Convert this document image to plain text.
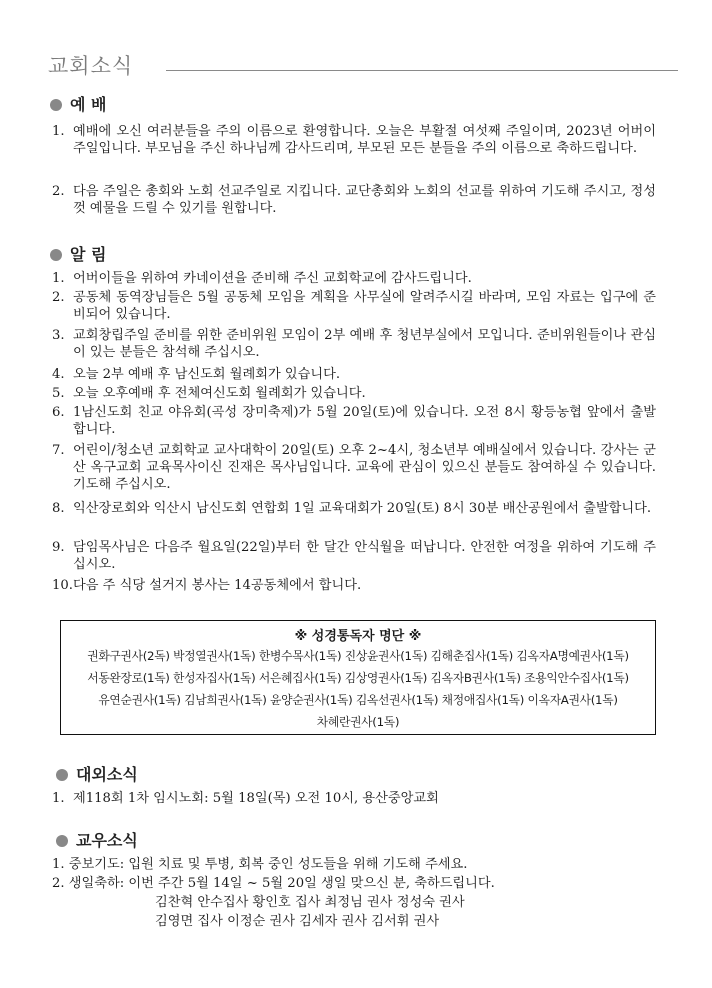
교회소식
예 배
1. 예배에 오신 여러분들을 주의 이름으로 환영합니다. 오늘은 부활절 여섯째 주일이며, 2023년 어버이주일입니다. 부모님을 주신 하나님께 감사드리며, 부모된 모든 분들을 주의 이름으로 축하드립니다.
2. 다음 주일은 총회와 노회 선교주일로 지킵니다. 교단총회와 노회의 선교를 위하여 기도해 주시고, 정성껏 예물을 드릴 수 있기를 원합니다.
알 림
1. 어버이들을 위하여 카네이션을 준비해 주신 교회학교에 감사드립니다.
2. 공동체 동역장님들은 5월 공동체 모임을 계획을 사무실에 알려주시길 바라며, 모임 자료는 입구에 준비되어 있습니다.
3. 교회창립주일 준비를 위한 준비위원 모임이 2부 예배 후 청년부실에서 모입니다. 준비위원들이나 관심이 있는 분들은 참석해 주십시오.
4. 오늘 2부 예배 후 남신도회 월례회가 있습니다.
5. 오늘 오후예배 후 전체여신도회 월례회가 있습니다.
6. 1남신도회 친교 야유회(곡성 장미축제)가 5월 20일(토)에 있습니다. 오전 8시 황등농협 앞에서 출발합니다.
7. 어린이/청소년 교회학교 교사대학이 20일(토) 오후 2~4시, 청소년부 예배실에서 있습니다. 강사는 군산 옥구교회 교육목사이신 진재은 목사님입니다. 교육에 관심이 있으신 분들도 참여하실 수 있습니다. 기도해 주십시오.
8. 익산장로회와 익산시 남신도회 연합회 1일 교육대회가 20일(토) 8시 30분 배산공원에서 출발합니다.
9. 담임목사님은 다음주 월요일(22일)부터 한 달간 안식월을 떠납니다. 안전한 여정을 위하여 기도해 주십시오.
10. 다음 주 식당 설거지 봉사는 14공동체에서 합니다.
※ 성경통독자 명단 ※
권화구권사(2독) 박정열권사(1독) 한병수목사(1독) 진상윤권사(1독) 김해춘집사(1독) 김옥자A명예권사(1독)
서동완장로(1독) 한성자집사(1독) 서은혜집사(1독) 김상영권사(1독) 김옥자B권사(1독) 조용익안수집사(1독)
유연순권사(1독) 김남희권사(1독) 윤양순권사(1독) 김옥선권사(1독) 채정애집사(1독) 이옥자A권사(1독)
차혜란권사(1독)
대외소식
1. 제118회 1차 임시노회: 5월 18일(목) 오전 10시, 용산중앙교회
교우소식
1. 중보기도: 입원 치료 및 투병, 회복 중인 성도들을 위해 기도해 주세요.
2. 생일축하: 이번 주간 5월 14일 ~ 5월 20일 생일 맞으신 분, 축하드립니다.
김찬혁 안수집사 황인호 집사 최정님 권사 정성숙 권사
김영면 집사 이정순 권사 김세자 권사 김서휘 권사
